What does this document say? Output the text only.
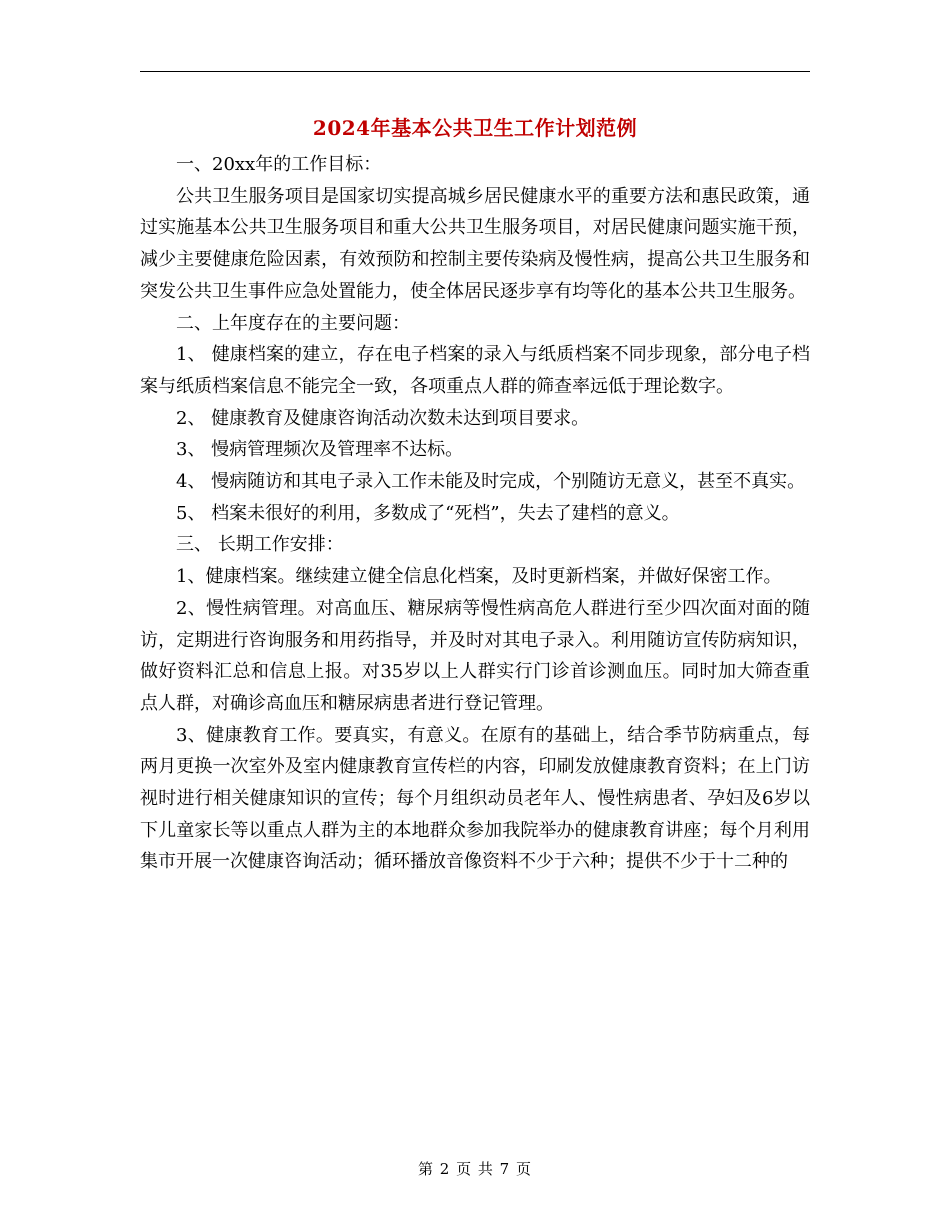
2024年基本公共卫生工作计划范例

一、20xx年的工作目标：

公共卫生服务项目是国家切实提高城乡居民健康水平的重要方法和惠民政策，通过实施基本公共卫生服务项目和重大公共卫生服务项目，对居民健康问题实施干预，减少主要健康危险因素，有效预防和控制主要传染病及慢性病，提高公共卫生服务和突发公共卫生事件应急处置能力，使全体居民逐步享有均等化的基本公共卫生服务。

二、上年度存在的主要问题：

1、 健康档案的建立，存在电子档案的录入与纸质档案不同步现象，部分电子档案与纸质档案信息不能完全一致，各项重点人群的筛查率远低于理论数字。

2、 健康教育及健康咨询活动次数未达到项目要求。

3、 慢病管理频次及管理率不达标。

4、 慢病随访和其电子录入工作未能及时完成，个别随访无意义，甚至不真实。

5、 档案未很好的利用，多数成了“死档”，失去了建档的意义。

三、 长期工作安排：

1、健康档案。继续建立健全信息化档案，及时更新档案，并做好保密工作。

2、慢性病管理。对高血压、糖尿病等慢性病高危人群进行至少四次面对面的随访，定期进行咨询服务和用药指导，并及时对其电子录入。利用随访宣传防病知识，做好资料汇总和信息上报。对35岁以上人群实行门诊首诊测血压。同时加大筛查重点人群，对确诊高血压和糖尿病患者进行登记管理。

3、健康教育工作。要真实，有意义。在原有的基础上，结合季节防病重点，每两月更换一次室外及室内健康教育宣传栏的内容，印刷发放健康教育资料；在上门访视时进行相关健康知识的宣传；每个月组织动员老年人、慢性病患者、孕妇及6岁以下儿童家长等以重点人群为主的本地群众参加我院举办的健康教育讲座；每个月利用集市开展一次健康咨询活动；循环播放音像资料不少于六种；提供不少于十二种的

第 2 页 共 7 页
